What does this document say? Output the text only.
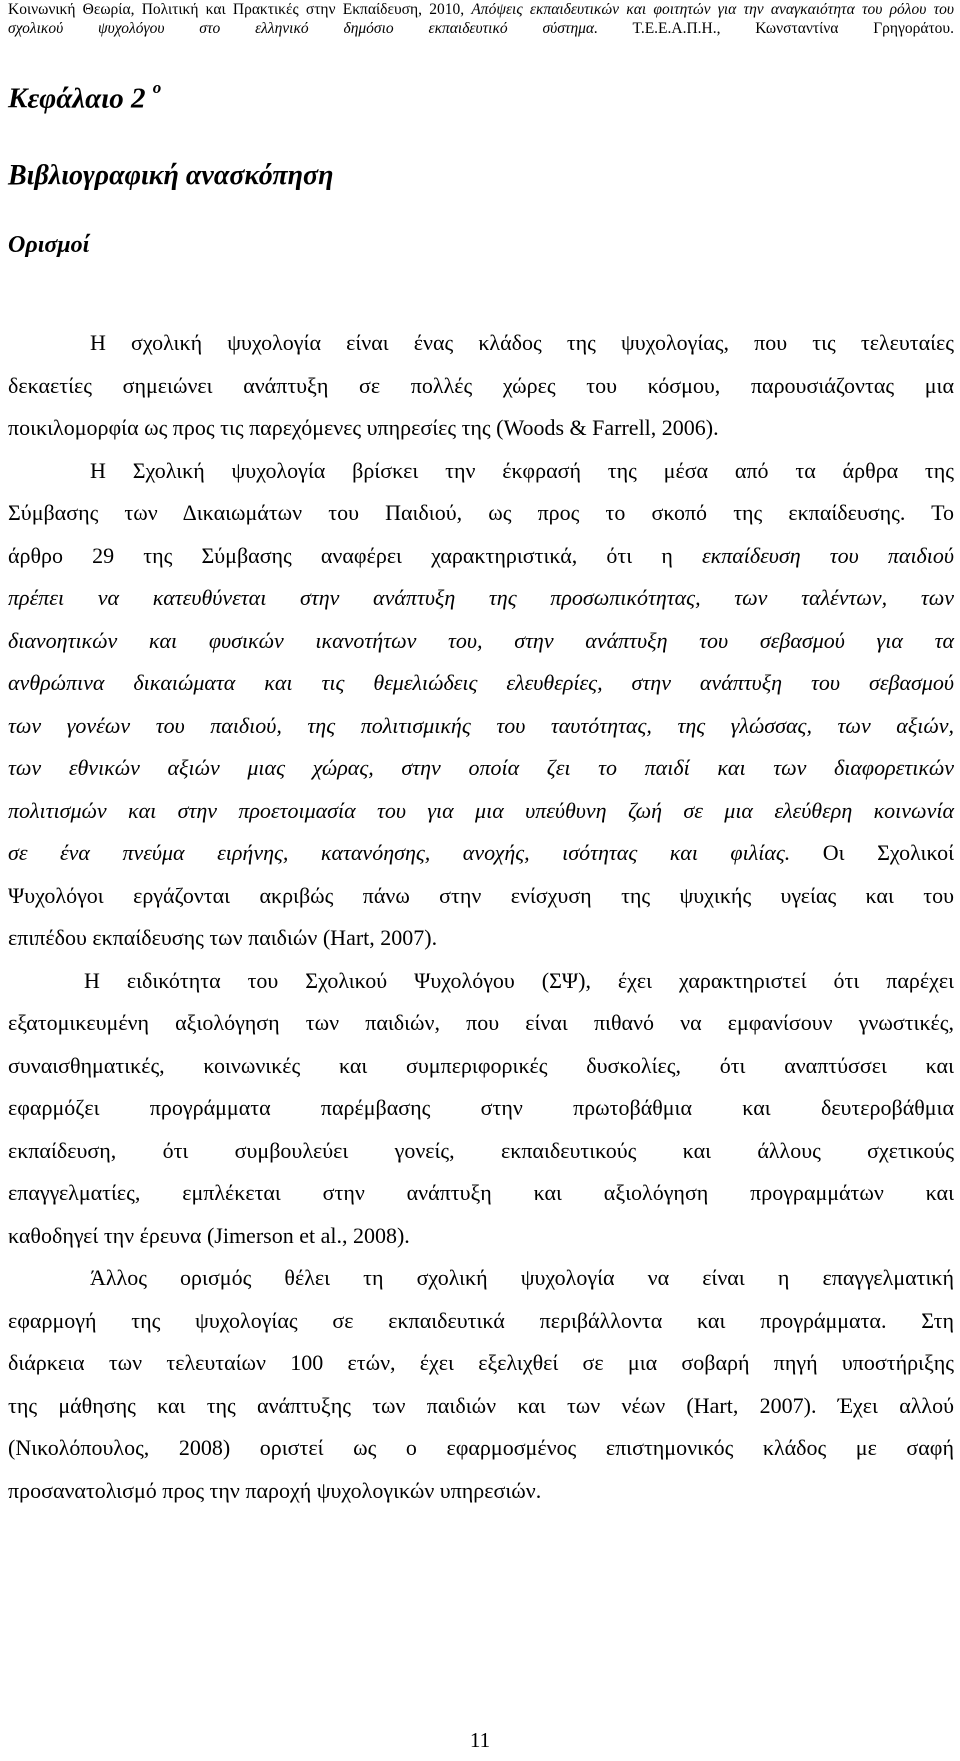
Κοινωνική Θεωρία, Πολιτική και Πρακτικές στην Εκπαίδευση, 2010, Απόψεις εκπαιδευτικών και φοιτητών για την αναγκαιότητα του ρόλου του
σχολικού ψυχολόγου στο ελληνικό δημόσιο εκπαιδευτικό σύστημα. Τ.Ε.Ε.Α.Π.Η., Κωνσταντίνα Γρηγοράτου.
Κεφάλαιο 2 $^o$
Βιβλιογραφική ανασκόπηση
Ορισμοί
Η σχολική ψυχολογία είναι ένας κλάδος της ψυχολογίας, που τις τελευταίες
δεκαετίες σημειώνει ανάπτυξη σε πολλές χώρες του κόσμου, παρουσιάζοντας μια
ποικιλομορφία ως προς τις παρεχόμενες υπηρεσίες της (Woods & Farrell, 2006).
Η Σχολική ψυχολογία βρίσκει την έκφρασή της μέσα από τα άρθρα της
Σύμβασης των Δικαιωμάτων του Παιδιού, ως προς το σκοπό της εκπαίδευσης. Το
άρθρο 29 της Σύμβασης αναφέρει χαρακτηριστικά, ότι η εκπαίδευση του παιδιού
πρέπει να κατευθύνεται στην ανάπτυξη της προσωπικότητας, των ταλέντων, των
διανοητικών και φυσικών ικανοτήτων του, στην ανάπτυξη του σεβασμού για τα
ανθρώπινα δικαιώματα και τις θεμελιώδεις ελευθερίες, στην ανάπτυξη του σεβασμού
των γονέων του παιδιού, της πολιτισμικής του ταυτότητας, της γλώσσας, των αξιών,
των εθνικών αξιών μιας χώρας, στην οποία ζει το παιδί και των διαφορετικών
πολιτισμών και στην προετοιμασία του για μια υπεύθυνη ζωή σε μια ελεύθερη κοινωνία
σε ένα πνεύμα ειρήνης, κατανόησης, ανοχής, ισότητας και φιλίας. Οι Σχολικοί
Ψυχολόγοι εργάζονται ακριβώς πάνω στην ενίσχυση της ψυχικής υγείας και του
επιπέδου εκπαίδευσης των παιδιών (Hart, 2007).
Η ειδικότητα του Σχολικού Ψυχολόγου (ΣΨ), έχει χαρακτηριστεί ότι παρέχει
εξατομικευμένη αξιολόγηση των παιδιών, που είναι πιθανό να εμφανίσουν γνωστικές,
συναισθηματικές, κοινωνικές και συμπεριφορικές δυσκολίες, ότι αναπτύσσει και
εφαρμόζει προγράμματα παρέμβασης στην πρωτοβάθμια και δευτεροβάθμια
εκπαίδευση, ότι συμβουλεύει γονείς, εκπαιδευτικούς και άλλους σχετικούς
επαγγελματίες, εμπλέκεται στην ανάπτυξη και αξιολόγηση προγραμμάτων και
καθοδηγεί την έρευνα (Jimerson et al., 2008).
Άλλος ορισμός θέλει τη σχολική ψυχολογία να είναι η επαγγελματική
εφαρμογή της ψυχολογίας σε εκπαιδευτικά περιβάλλοντα και προγράμματα. Στη
διάρκεια των τελευταίων 100 ετών, έχει εξελιχθεί σε μια σοβαρή πηγή υποστήριξης
της μάθησης και της ανάπτυξης των παιδιών και των νέων (Hart, 2007). Έχει αλλού
(Νικολόπουλος, 2008) οριστεί ως ο εφαρμοσμένος επιστημονικός κλάδος με σαφή
προσανατολισμό προς την παροχή ψυχολογικών υπηρεσιών.
11
